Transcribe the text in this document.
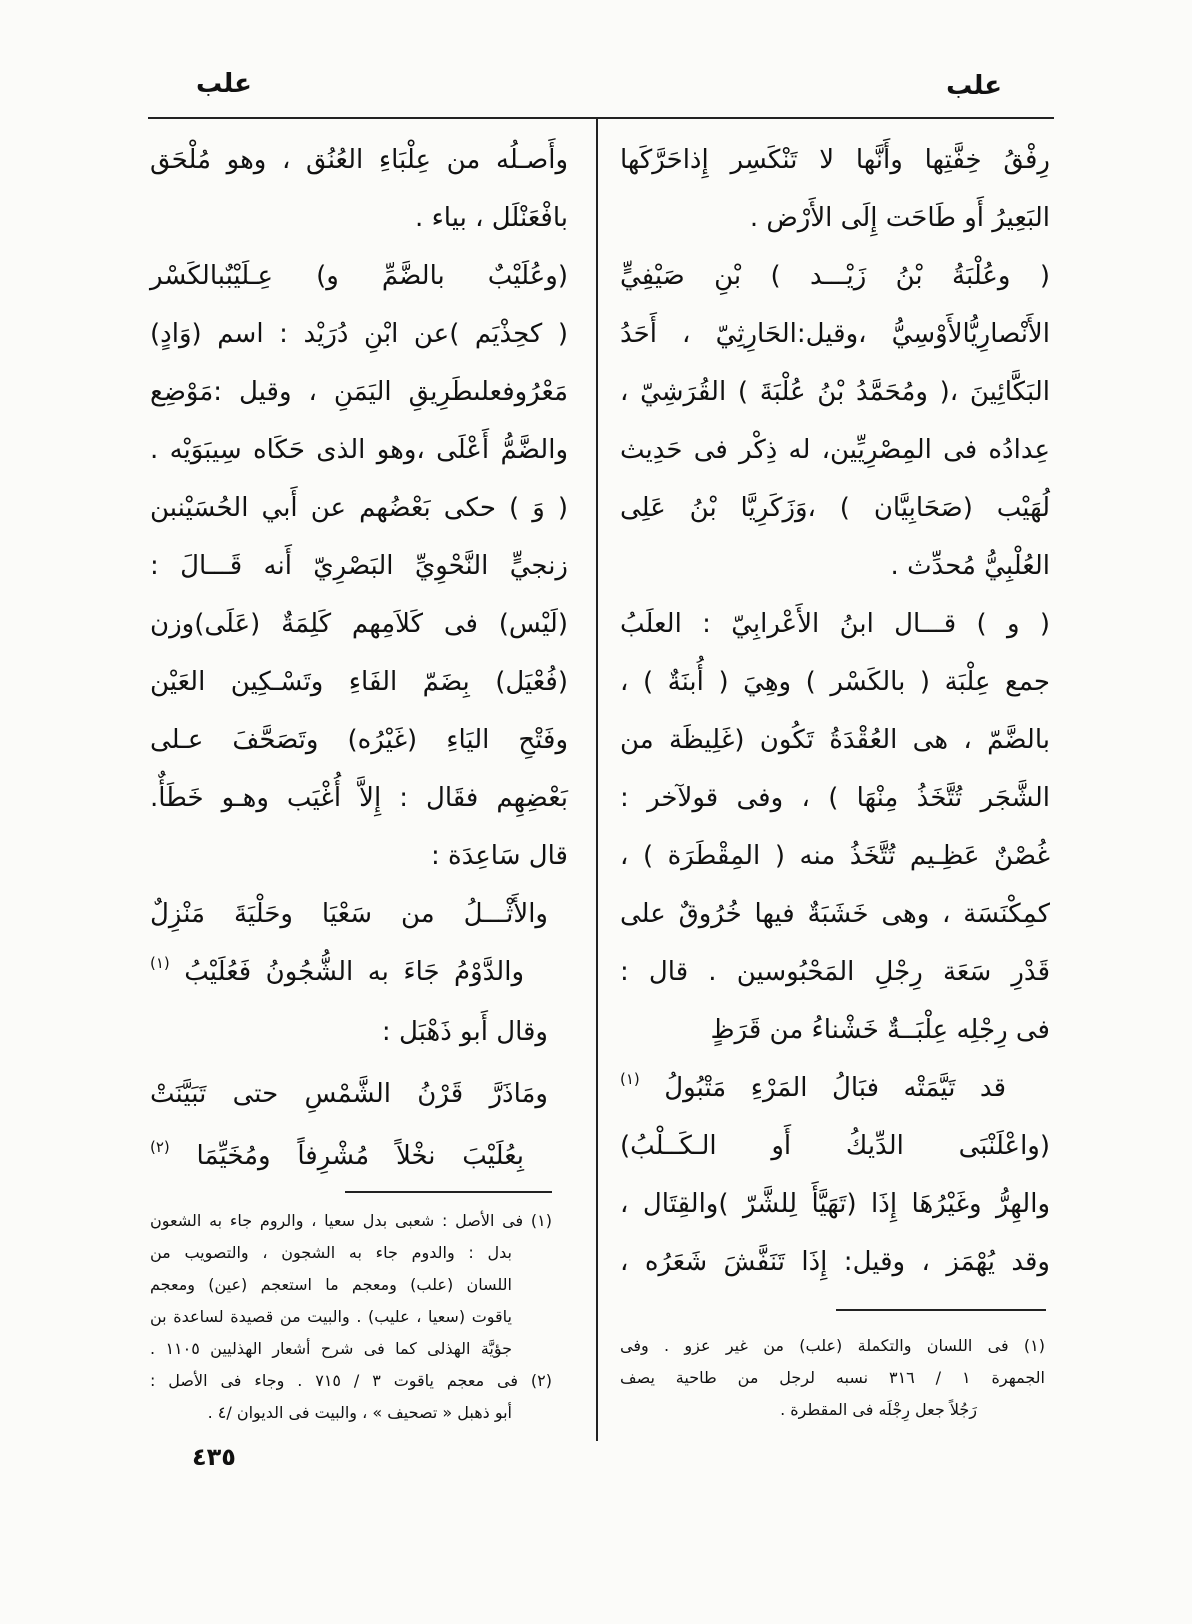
علب	علب
رِفْقُ خِفَّتِها وأَنَّها لا تَنْكَسِر إِذاحَرَّكَها
البَعِيرُ أَو طَاحَت إِلَى الأَرْض .
( وعُلْبَةُ بْنُ زَيْـــد ) بْنِ صَيْفِيٍّ
الأَنْصارِيُّالأَوْسِيُّ ،وقيل:الحَارِثِيّ ، أَحَدُ
البَكَّائِينَ ،( ومُحَمَّدُ بْنُ عُلْبَةَ ) القُرَشِيّ ،
عِدادُه فى المِصْرِيِّين، له ذِكْر فى حَدِيث
لُهَيْب (صَحَابِيَّان ) ،وَزَكَرِيَّا بْنُ عَلِى
العُلْبِيُّ مُحدِّث .
( و ) قـــال ابنُ الأَعْرابِيّ : العلَبُ
جمع عِلْبَة ( بالكَسْر ) وهِيَ ( أُبنَةٌ ) ،
بالضَّمّ ، هى العُقْدَةُ تَكُون (غَلِيظَة من
الشَّجَر تُتَّخَذُ مِنْهَا ) ، وفى قولآخر :
غُصْنٌ عَظِـيم تُتَّخَذُ منه ( المِقْطَرَة ) ،
كمِكْنَسَة ، وهى خَشَبَةٌ فيها خُرُوقٌ على
قَدْرِ سَعَة رِجْلِ المَحْبُوسين . قال :
فى رِجْلِه عِلْبَــةٌ خَشْناءُ من قَرَظٍ
قد تَيَّمَتْه فبَالُ المَرْءِ مَتْبُولُ $^{(١)}$
(واعْلَنْبَى الدِّيكُ أَو الـكَــلْبُ)
والهِرُّ وغَيْرُهَا إِذَا (تَهَيَّأَ لِلشَّرّ )والقِتَال ،
وقد يُهْمَز ، وقيل: إِذَا تَنَفَّشَ شَعَرُه ،
(١) فى اللسان والتكملة (علب) من غير عزو . وفى
الجمهرة ١ / ٣١٦ نسبه لرجل من طاحية يصف
رَجُلاً جعل رِجْلَه فى المقطرة .
وأَصـلُه من عِلْبَاءِ العُنُق ، وهو مُلْحَق
بافْعَنْلَل ، بياء .
(وعُلَيْبٌ بالضَّمِّ و) عِـلَيْبٌبالكَسْر
( كحِذْيَم )عن ابْنِ دُرَيْد : اسم (وَادٍ)
مَعْرُوفعلىطَرِيقِ اليَمَنِ ، وقيل :مَوْضِع
والضَّمُّ أَعْلَى ،وهو الذى حَكَاه سِيبَوَيْه .
( وَ ) حكى بَعْضُهم عن أَبي الحُسَيْنبن
زنجيٍّ النَّحْوِيِّ البَصْرِيّ أَنه قَـــالَ :
(لَيْس) فى كَلاَمِهم كَلِمَةٌ (عَلَى)وزن
(فُعْيَل) بِضَمّ الفَاءِ وتَسْـكِين العَيْن
وفَتْحِ اليَاءِ (غَيْرُه) وتَصَحَّفَ عـلى
بَعْضِهِم فقَال : إِلاَّ أُغْيَب وهـو خَطَأٌ.
قال سَاعِدَة :
والأَثْـــلُ من سَعْيَا وحَلْيَةَ مَنْزِلٌ
والدَّوْمُ جَاءَ به الشُّجُونُ فَعُلَيْبُ $^{(١)}$
وقال أَبو ذَهْبَل :
ومَاذَرَّ قَرْنُ الشَّمْسِ حتى تَبَيَّنَتْ
بِعُلَيْبَ نخْلاً مُشْرِفاً ومُخَيِّمَا $^{(٢)}$
(١) فى الأصل : شعبى بدل سعيا ، والروم جاء به الشعون
بدل : والدوم جاء به الشجون ، والتصويب من
اللسان (علب) ومعجم ما استعجم (عين) ومعجم
ياقوت (سعيا ، عليب) . والبيت من قصيدة لساعدة بن
جؤيَّة الهذلى كما فى شرح أشعار الهذليين ١١٠٥ .
(٢) فى معجم ياقوت ٣ / ٧١٥ . وجاء فى الأصل :
أبو ذهبل « تصحيف » ، والبيت فى الديوان /٤ .
٤٣٥
